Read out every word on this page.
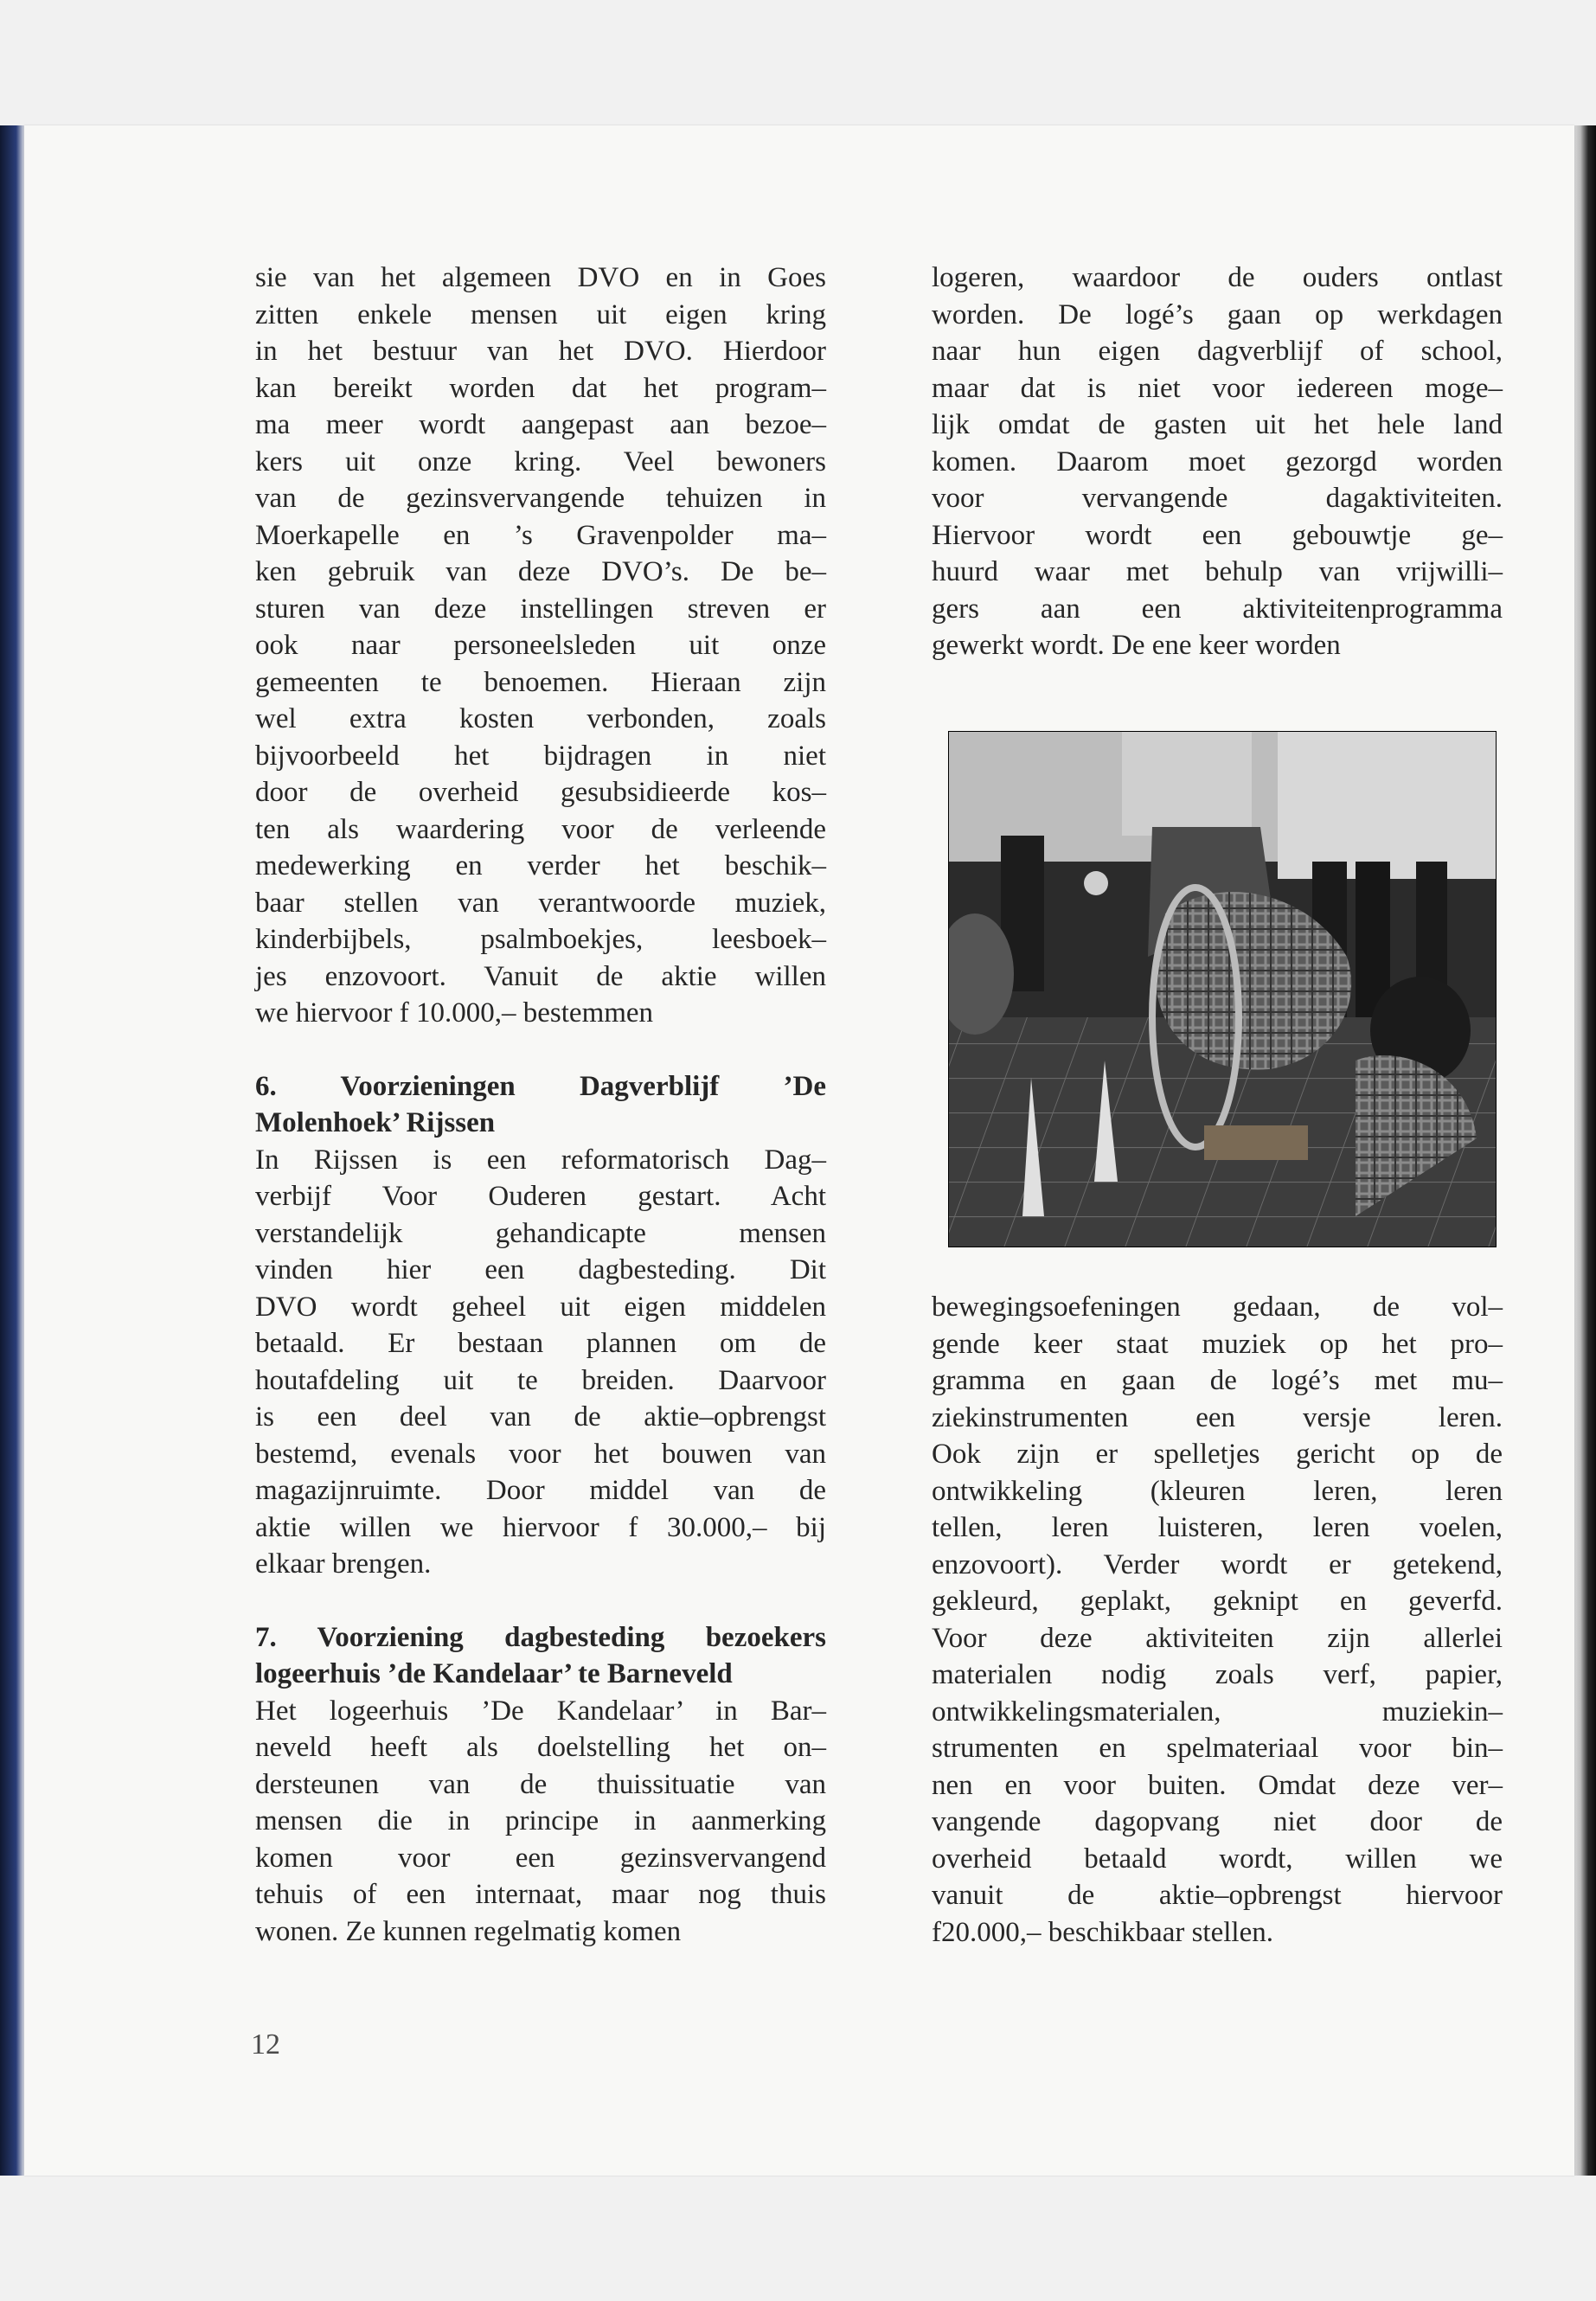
sie van het algemeen DVO en in Goes
zitten enkele mensen uit eigen kring
in het bestuur van het DVO. Hierdoor
kan bereikt worden dat het program–
ma meer wordt aangepast aan bezoe–
kers uit onze kring. Veel bewoners
van de gezinsvervangende tehuizen in
Moerkapelle en ’s Gravenpolder ma–
ken gebruik van deze DVO’s. De be–
sturen van deze instellingen streven er
ook naar personeelsleden uit onze
gemeenten te benoemen. Hieraan zijn
wel extra kosten verbonden, zoals
bijvoorbeeld het bijdragen in niet
door de overheid gesubsidieerde kos–
ten als waardering voor de verleende
medewerking en verder het beschik–
baar stellen van verantwoorde muziek,
kinderbijbels, psalmboekjes, leesboek–
jes enzovoort. Vanuit de aktie willen
we hiervoor f 10.000,– bestemmen
6. Voorzieningen Dagverblijf ’De
Molenhoek’ Rijssen
In Rijssen is een reformatorisch Dag–
verbijf Voor Ouderen gestart. Acht
verstandelijk gehandicapte mensen
vinden hier een dagbesteding. Dit
DVO wordt geheel uit eigen middelen
betaald. Er bestaan plannen om de
houtafdeling uit te breiden. Daarvoor
is een deel van de aktie–opbrengst
bestemd, evenals voor het bouwen van
magazijnruimte. Door middel van de
aktie willen we hiervoor f 30.000,– bij
elkaar brengen.
7. Voorziening dagbesteding bezoekers
logeerhuis ’de Kandelaar’ te Barneveld
Het logeerhuis ’De Kandelaar’ in Bar–
neveld heeft als doelstelling het on–
dersteunen van de thuissituatie van
mensen die in principe in aanmerking
komen voor een gezinsvervangend
tehuis of een internaat, maar nog thuis
wonen. Ze kunnen regelmatig komen
logeren, waardoor de ouders ontlast
worden. De logé’s gaan op werkdagen
naar hun eigen dagverblijf of school,
maar dat is niet voor iedereen moge–
lijk omdat de gasten uit het hele land
komen. Daarom moet gezorgd worden
voor vervangende dagaktiviteiten.
Hiervoor wordt een gebouwtje ge–
huurd waar met behulp van vrijwilli–
gers aan een aktiviteitenprogramma
gewerkt wordt. De ene keer worden
bewegingsoefeningen gedaan, de vol–
gende keer staat muziek op het pro–
gramma en gaan de logé’s met mu–
ziekinstrumenten een versje leren.
Ook zijn er spelletjes gericht op de
ontwikkeling (kleuren leren, leren
tellen, leren luisteren, leren voelen,
enzovoort). Verder wordt er getekend,
gekleurd, geplakt, geknipt en geverfd.
Voor deze aktiviteiten zijn allerlei
materialen nodig zoals verf, papier,
ontwikkelingsmaterialen, muziekin–
strumenten en spelmateriaal voor bin–
nen en voor buiten. Omdat deze ver–
vangende dagopvang niet door de
overheid betaald wordt, willen we
vanuit de aktie–opbrengst hiervoor
f20.000,– beschikbaar stellen.
12
